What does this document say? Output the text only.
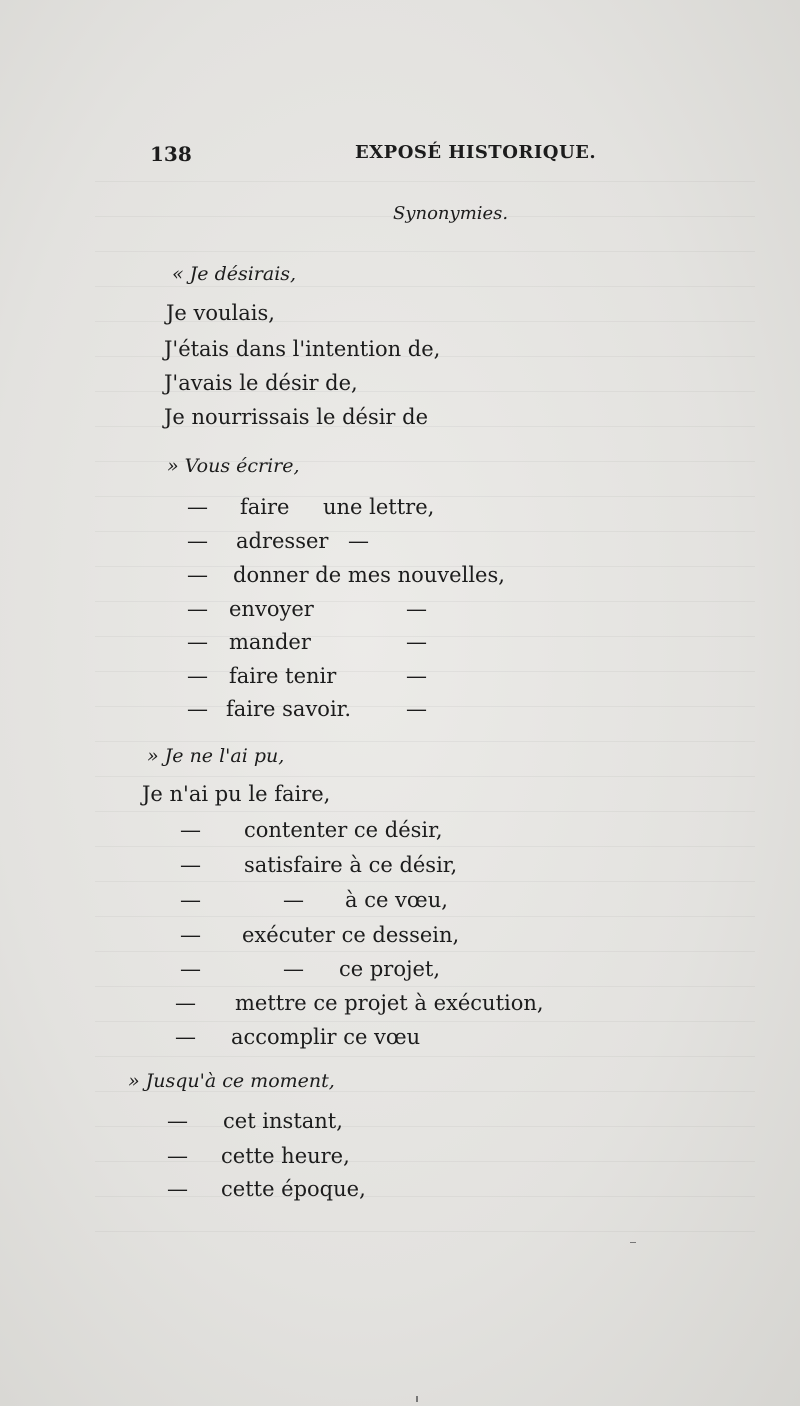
138	EXPOSÉ HISTORIQUE.
Synonymies.
« Je désirais,
Je voulais,
J'étais dans l'intention de,
J'avais le désir de,
Je nourrissais le désir de
» Vous écrire,
— faire une lettre,
— adresser —
— donner de mes nouvelles,
— envoyer	—
— mander	—
— faire tenir	—
— faire savoir.	—
» Je ne l'ai pu,
Je n'ai pu le faire,
— contenter ce désir,
— satisfaire à ce désir,
—	— à ce vœu,
— exécuter ce dessein,
—	— ce projet,
— mettre ce projet à exécution,
— accomplir ce vœu
» Jusqu'à ce moment,
— cet instant,
— cette heure,
— cette époque,
